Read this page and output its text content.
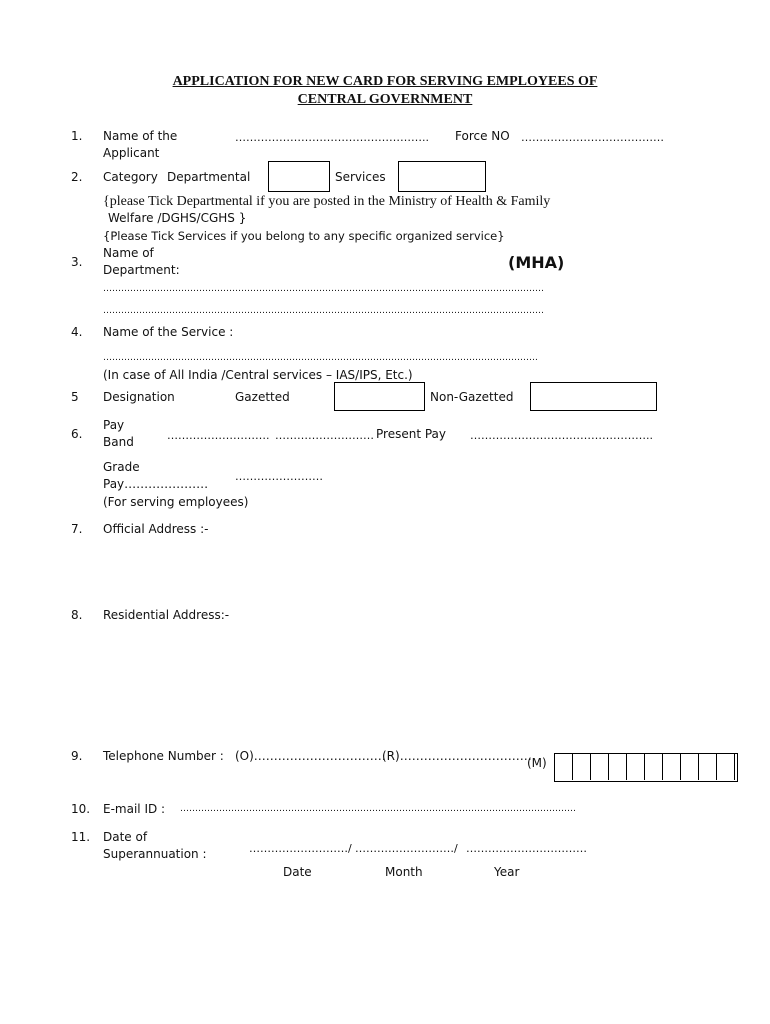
APPLICATION FOR NEW CARD FOR SERVING EMPLOYEES OF
CENTRAL GOVERNMENT
1. Name of the
Applicant
…………………………………………….. Force NO …………………………………
2. Category Departmental	Services
{please Tick Departmental if you are posted in the Ministry of Health & Family
Welfare /DGHS/CGHS }
{Please Tick Services if you belong to any specific organized service}
Name of
3.
Department:	(MHA)
…………………………………………………………………………………………………………………………………
…………………………………………………………………………………………………………………………………
4. Name of the Service :
……………………………………………………………………………………………………………………………….
(In case of All India /Central services – IAS/IPS, Etc.)
5 Designation	Gazetted	Non-Gazetted
Pay
6.
Band	………………………. ……………………… Present Pay …………………………………………..
Grade
Pay…………………
……………………
(For serving employees)
7. Official Address :-
8. Residential Address:-
9. Telephone Number : (O)……………………………
(R)……………………………
(M)
10. E-mail ID : ……………………………………………………………………………………………………………………
11. Date of
Superannuation :	………………………/ ………………………/ ……………………………
Date	Month	Year
